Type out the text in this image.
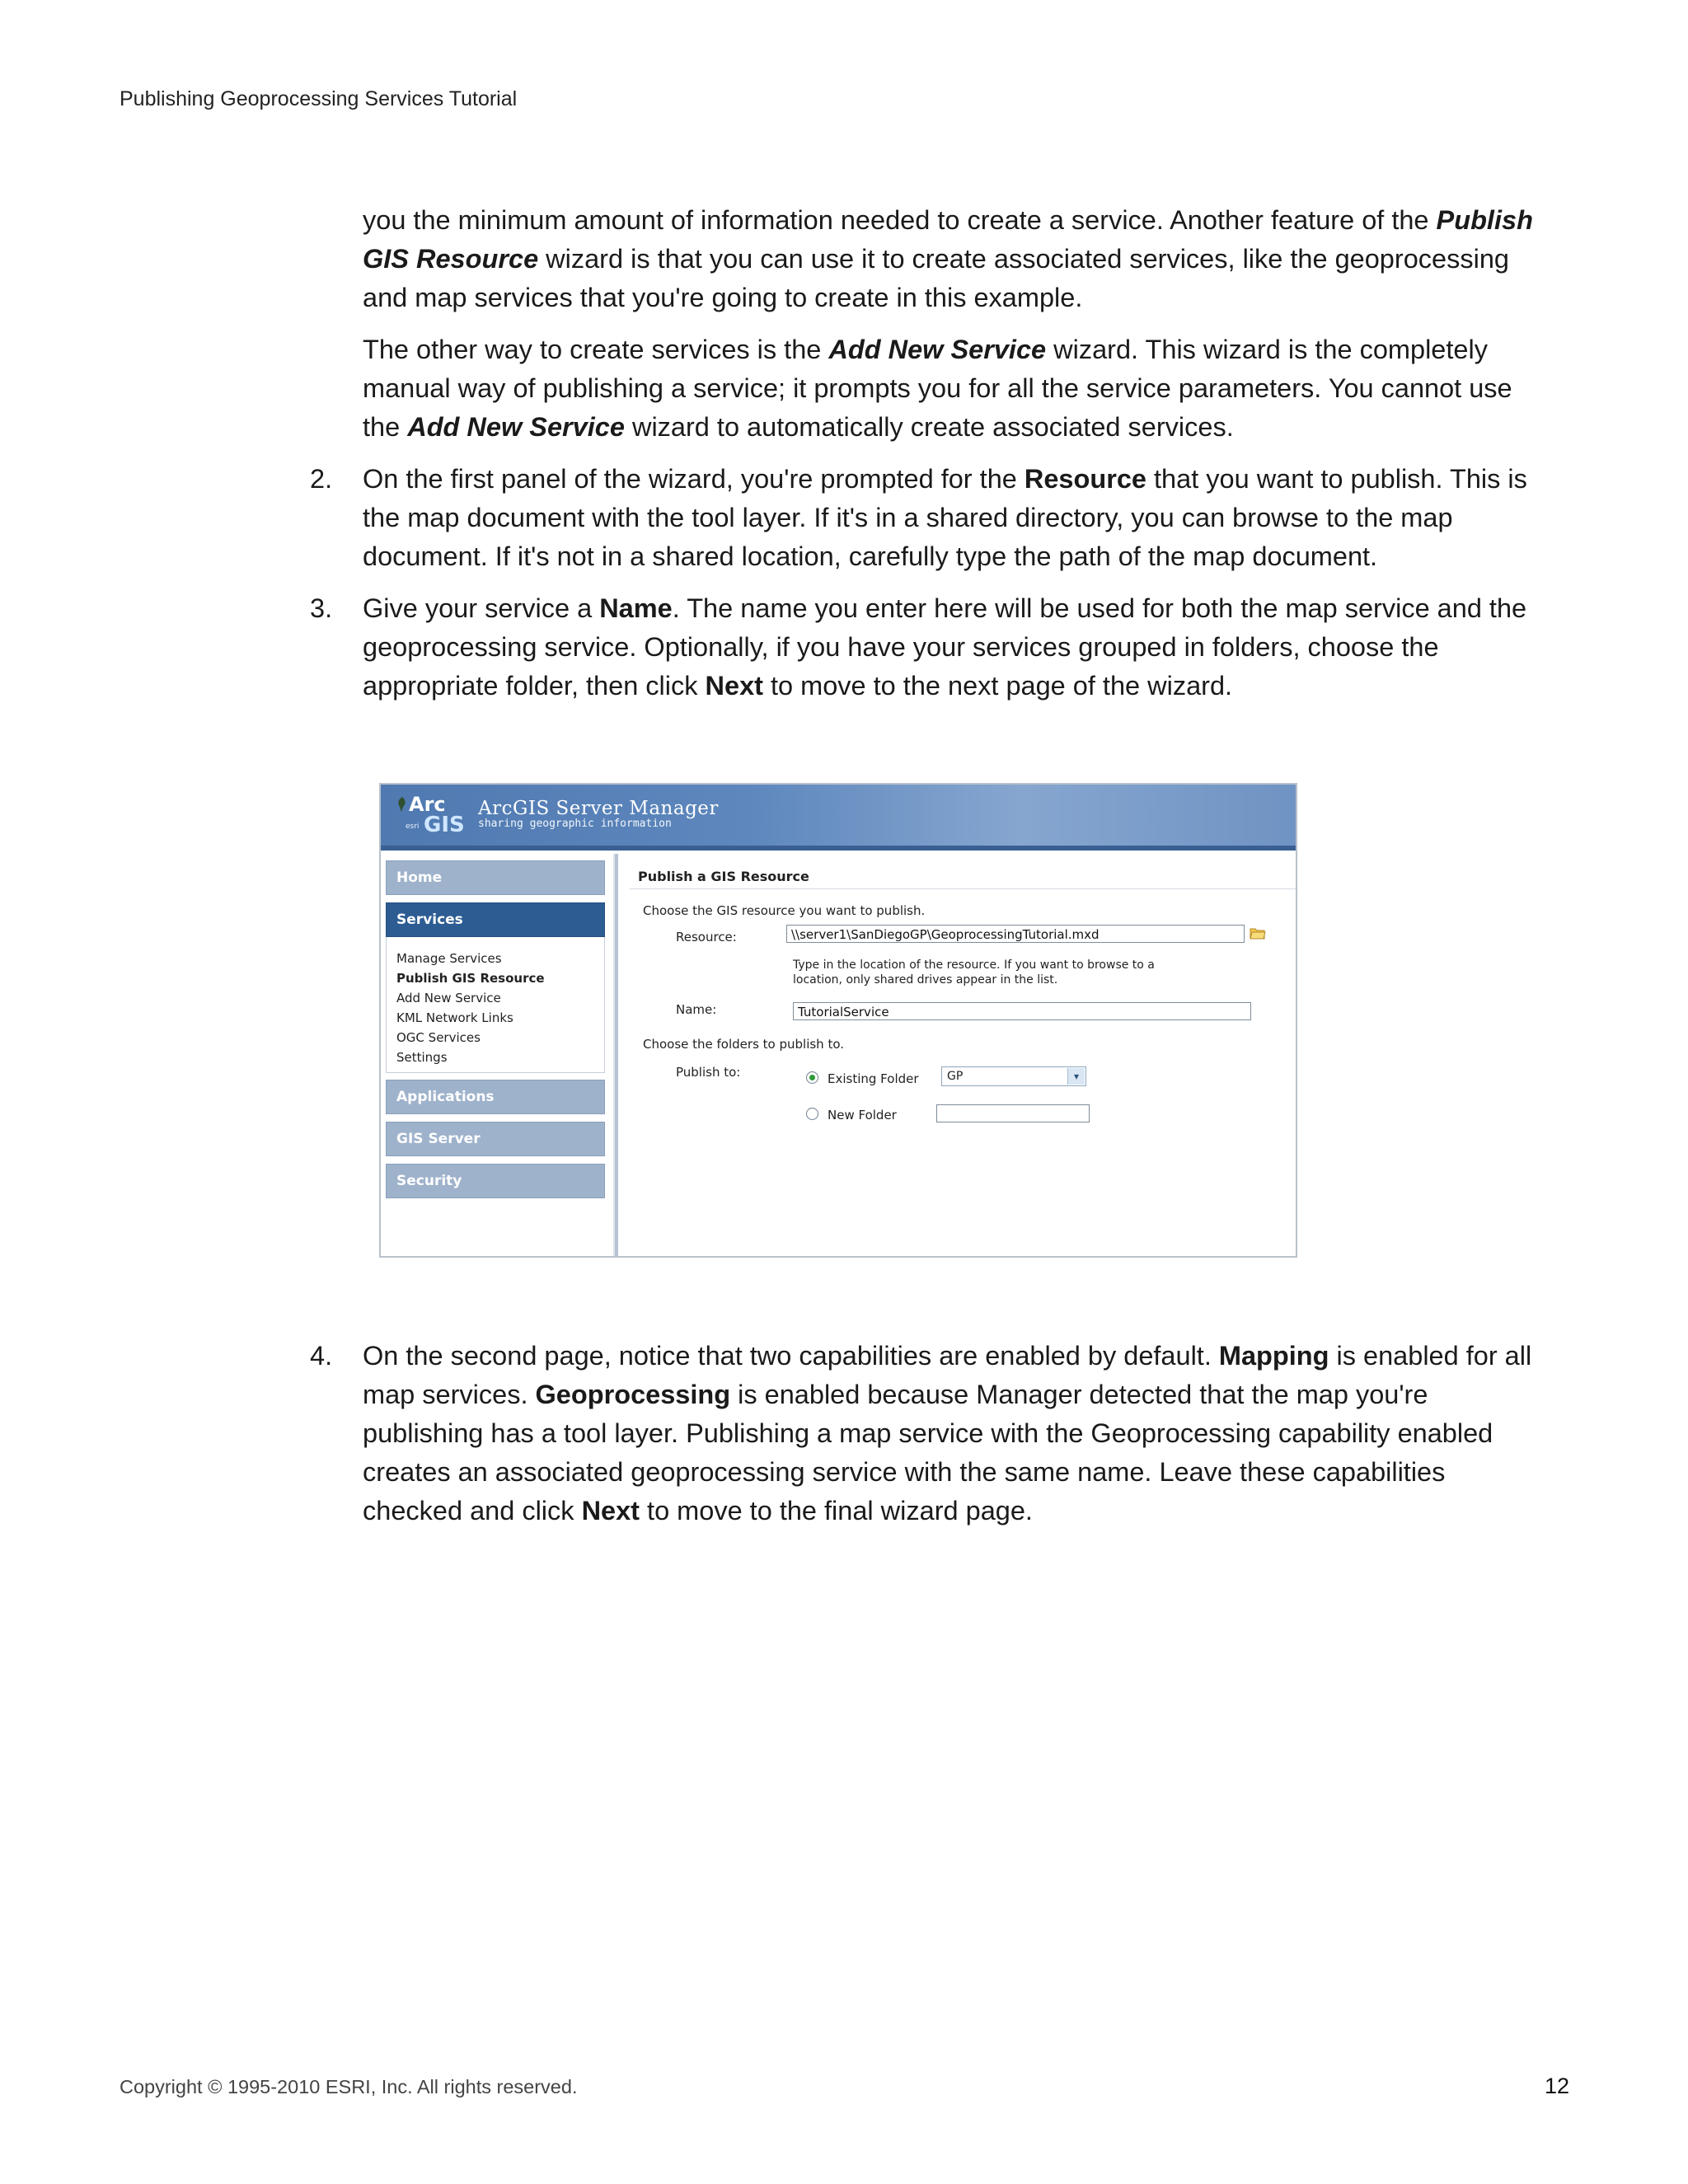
Publishing Geoprocessing Services Tutorial

you the minimum amount of information needed to create a service. Another feature of the Publish GIS Resource wizard is that you can use it to create associated services, like the geoprocessing and map services that you're going to create in this example.

The other way to create services is the Add New Service wizard. This wizard is the completely manual way of publishing a service; it prompts you for all the service parameters. You cannot use the Add New Service wizard to automatically create associated services.

2. On the first panel of the wizard, you're prompted for the Resource that you want to publish. This is the map document with the tool layer. If it's in a shared directory, you can browse to the map document. If it's not in a shared location, carefully type the path of the map document.
3. Give your service a Name. The name you enter here will be used for both the map service and the geoprocessing service. Optionally, if you have your services grouped in folders, choose the appropriate folder, then click Next to move to the next page of the wizard.
4. On the second page, notice that two capabilities are enabled by default. Mapping is enabled for all map services. Geoprocessing is enabled because Manager detected that the map you're publishing has a tool layer. Publishing a map service with the Geoprocessing capability enabled creates an associated geoprocessing service with the same name. Leave these capabilities checked and click Next to move to the final wizard page.
Arc
esri GIS
ArcGIS Server Manager
sharing geographic information
Home
Services
Manage Services
Publish GIS Resource
Add New Service
KML Network Links
OGC Services
Settings
Applications
GIS Server
Security
Publish a GIS Resource
Choose the GIS resource you want to publish.
Resource:	\\server1\SanDiegoGP\GeoprocessingTutorial.mxd
Type in the location of the resource. If you want to browse to a
location, only shared drives appear in the list.
Name:	TutorialService
Choose the folders to publish to.
Publish to:	Existing Folder	GP	▾
New Folder
Copyright © 1995-2010 ESRI, Inc. All rights reserved.	12
